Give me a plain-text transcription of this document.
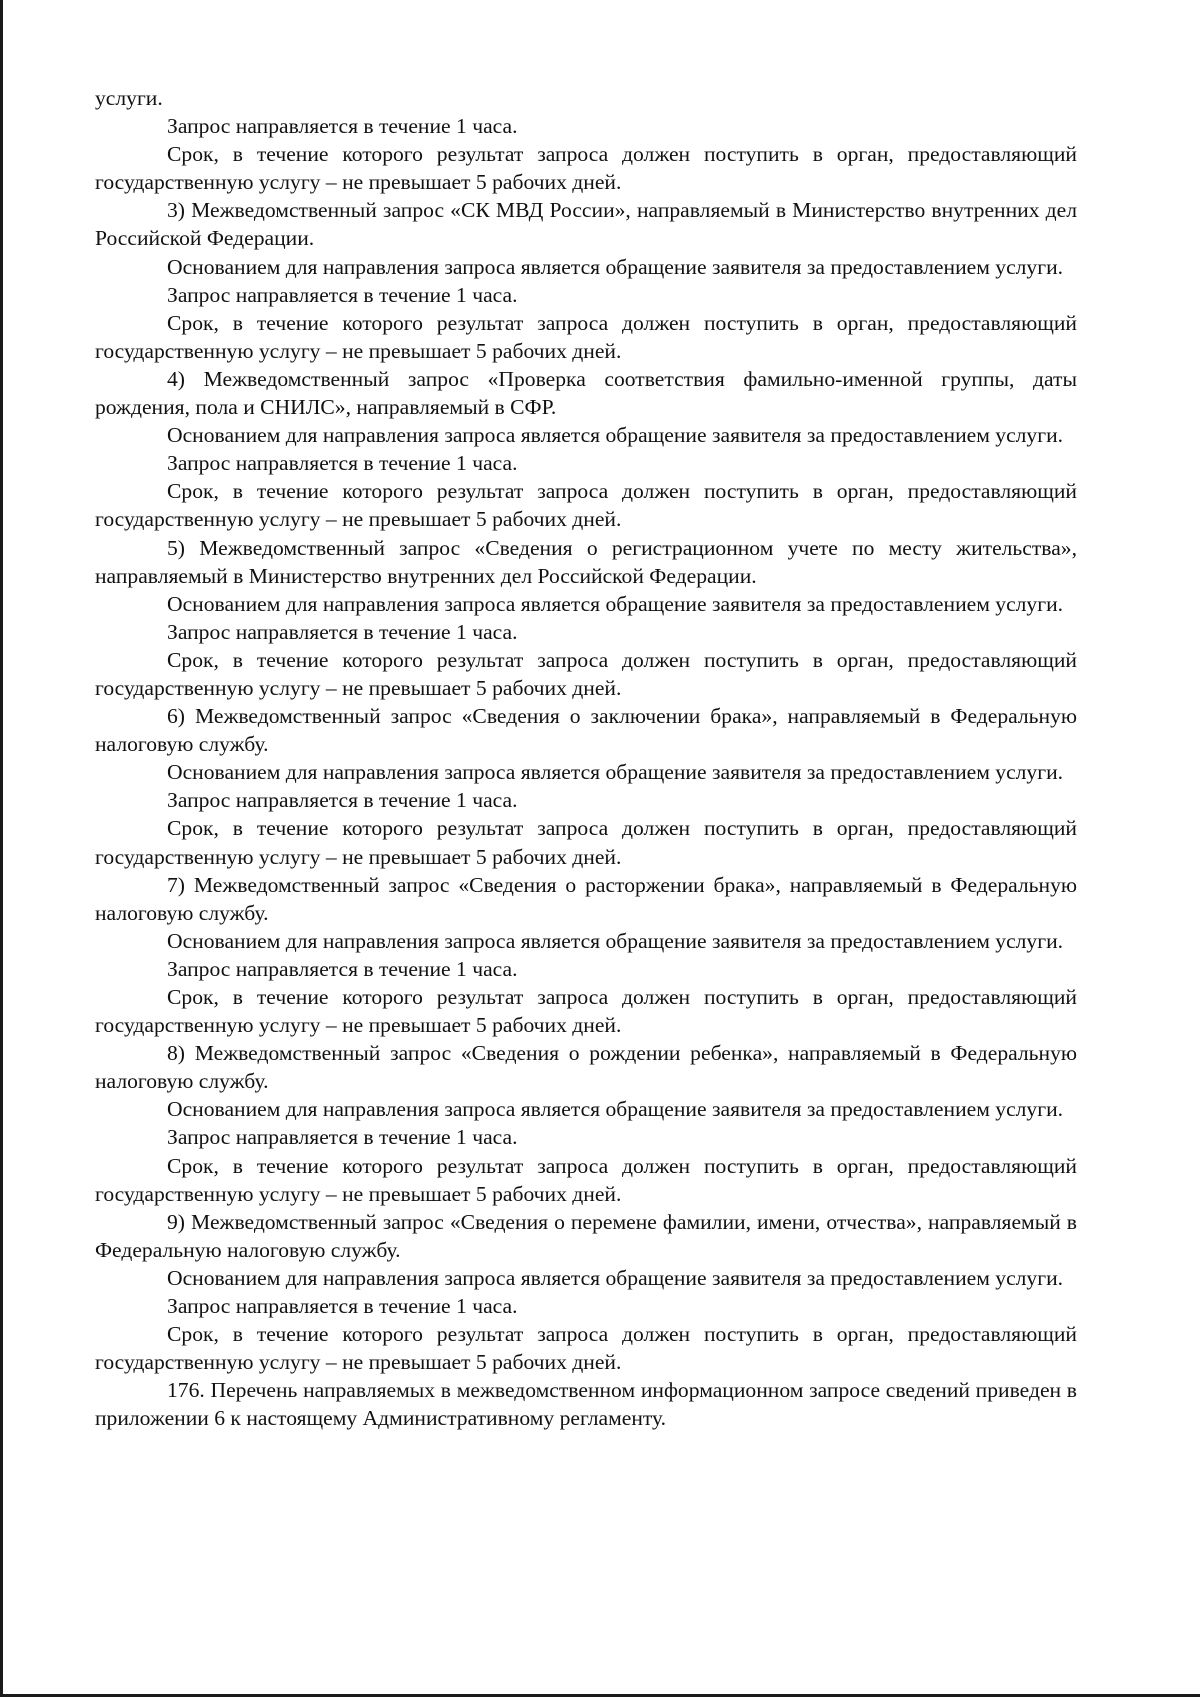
услуги.

Запрос направляется в течение 1 часа.

Срок, в течение которого результат запроса должен поступить в орган, предоставляющий государственную услугу – не превышает 5 рабочих дней.

3) Межведомственный запрос «СК МВД России», направляемый в Министерство внутренних дел Российской Федерации.

Основанием для направления запроса является обращение заявителя за предоставлением услуги.

Запрос направляется в течение 1 часа.

Срок, в течение которого результат запроса должен поступить в орган, предоставляющий государственную услугу – не превышает 5 рабочих дней.

4) Межведомственный запрос «Проверка соответствия фамильно-именной группы, даты рождения, пола и СНИЛС», направляемый в СФР.

Основанием для направления запроса является обращение заявителя за предоставлением услуги.

Запрос направляется в течение 1 часа.

Срок, в течение которого результат запроса должен поступить в орган, предоставляющий государственную услугу – не превышает 5 рабочих дней.

5) Межведомственный запрос «Сведения о регистрационном учете по месту жительства», направляемый в Министерство внутренних дел Российской Федерации.

Основанием для направления запроса является обращение заявителя за предоставлением услуги.

Запрос направляется в течение 1 часа.

Срок, в течение которого результат запроса должен поступить в орган, предоставляющий государственную услугу – не превышает 5 рабочих дней.

6) Межведомственный запрос «Сведения о заключении брака», направляемый в Федеральную налоговую службу.

Основанием для направления запроса является обращение заявителя за предоставлением услуги.

Запрос направляется в течение 1 часа.

Срок, в течение которого результат запроса должен поступить в орган, предоставляющий государственную услугу – не превышает 5 рабочих дней.

7) Межведомственный запрос «Сведения о расторжении брака», направляемый в Федеральную налоговую службу.

Основанием для направления запроса является обращение заявителя за предоставлением услуги.

Запрос направляется в течение 1 часа.

Срок, в течение которого результат запроса должен поступить в орган, предоставляющий государственную услугу – не превышает 5 рабочих дней.

8) Межведомственный запрос «Сведения о рождении ребенка», направляемый в Федеральную налоговую службу.

Основанием для направления запроса является обращение заявителя за предоставлением услуги.

Запрос направляется в течение 1 часа.

Срок, в течение которого результат запроса должен поступить в орган, предоставляющий государственную услугу – не превышает 5 рабочих дней.

9) Межведомственный запрос «Сведения о перемене фамилии, имени, отчества», направляемый в Федеральную налоговую службу.

Основанием для направления запроса является обращение заявителя за предоставлением услуги.

Запрос направляется в течение 1 часа.

Срок, в течение которого результат запроса должен поступить в орган, предоставляющий государственную услугу – не превышает 5 рабочих дней.

176. Перечень направляемых в межведомственном информационном запросе сведений приведен в приложении 6 к настоящему Административному регламенту.
